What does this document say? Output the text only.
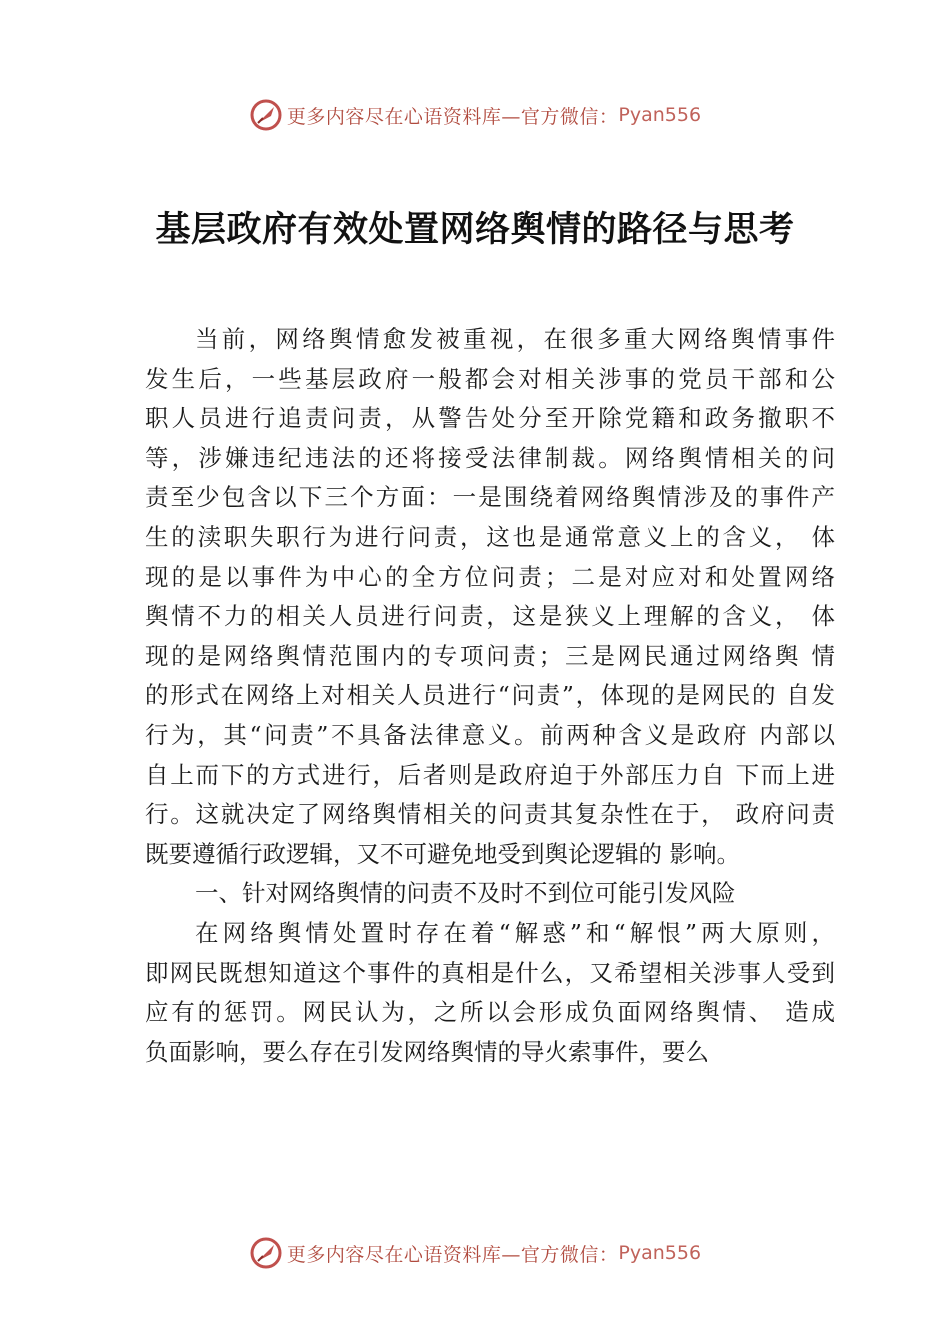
更多内容尽在心语资料库—官方微信： Pyan556
基层政府有效处置网络舆情的路径与思考
当前，网络舆情愈发被重视，在很多重大网络舆情事件
发生后，一些基层政府一般都会对相关涉事的党员干部和公
职人员进行追责问责，从警告处分至开除党籍和政务撤职不
等，涉嫌违纪违法的还将接受法律制裁。网络舆情相关的问
责至少包含以下三个方面：一是围绕着网络舆情涉及的事件产
生的渎职失职行为进行问责，这也是通常意义上的含义， 体
现的是以事件为中心的全方位问责；二是对应对和处置网络
舆情不力的相关人员进行问责，这是狭义上理解的含义， 体
现的是网络舆情范围内的专项问责；三是网民通过网络舆 情
的形式在网络上对相关人员进行“问责”，体现的是网民的 自发
行为，其“问责”不具备法律意义。前两种含义是政府 内部以
自上而下的方式进行，后者则是政府迫于外部压力自 下而上进
行。这就决定了网络舆情相关的问责其复杂性在于， 政府问责
既要遵循行政逻辑，又不可避免地受到舆论逻辑的 影响。
一、针对网络舆情的问责不及时不到位可能引发风险
在网络舆情处置时存在着“解惑”和“解恨”两大原则，
即网民既想知道这个事件的真相是什么，又希望相关涉事人受到
应有的惩罚。网民认为，之所以会形成负面网络舆情、 造成
负面影响，要么存在引发网络舆情的导火索事件，要么
更多内容尽在心语资料库—官方微信： Pyan556
